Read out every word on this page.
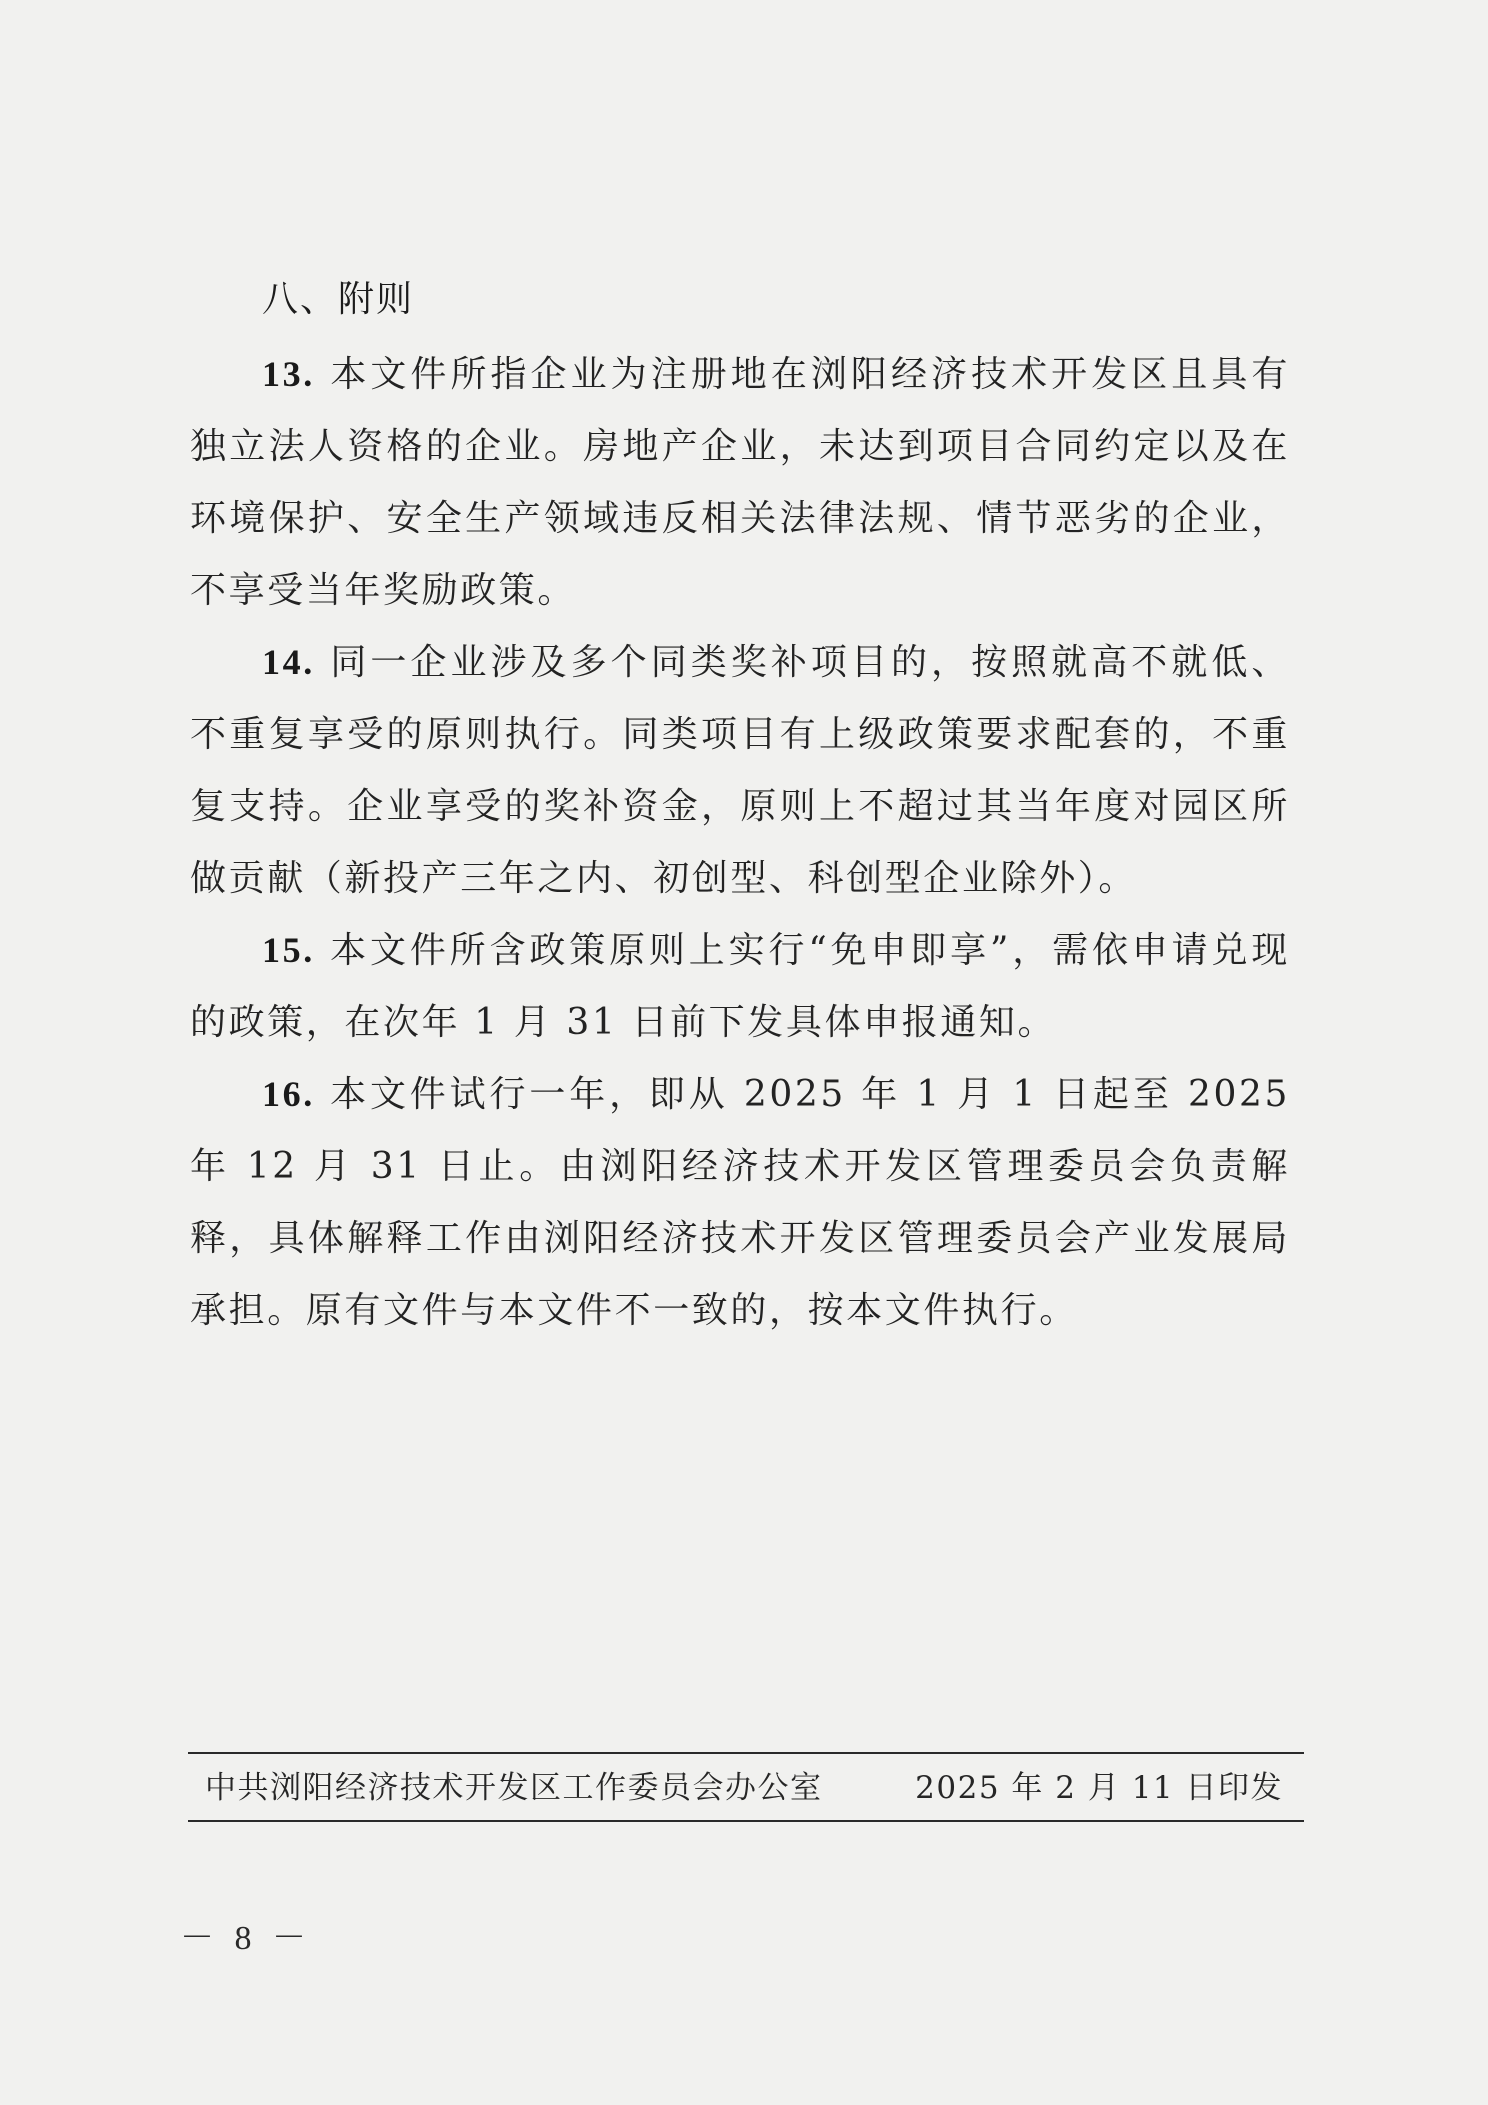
八、附则

13. 本文件所指企业为注册地在浏阳经济技术开发区且具有独立法人资格的企业。房地产企业，未达到项目合同约定以及在环境保护、安全生产领域违反相关法律法规、情节恶劣的企业，不享受当年奖励政策。

14. 同一企业涉及多个同类奖补项目的，按照就高不就低、不重复享受的原则执行。同类项目有上级政策要求配套的，不重复支持。企业享受的奖补资金，原则上不超过其当年度对园区所做贡献（新投产三年之内、初创型、科创型企业除外）。

15. 本文件所含政策原则上实行“免申即享”，需依申请兑现的政策，在次年 1 月 31 日前下发具体申报通知。

16. 本文件试行一年，即从 2025 年 1 月 1 日起至 2025 年 12 月 31 日止。由浏阳经济技术开发区管理委员会负责解释，具体解释工作由浏阳经济技术开发区管理委员会产业发展局承担。原有文件与本文件不一致的，按本文件执行。

中共浏阳经济技术开发区工作委员会办公室	2025 年 2 月 11 日印发
－ 8 －
